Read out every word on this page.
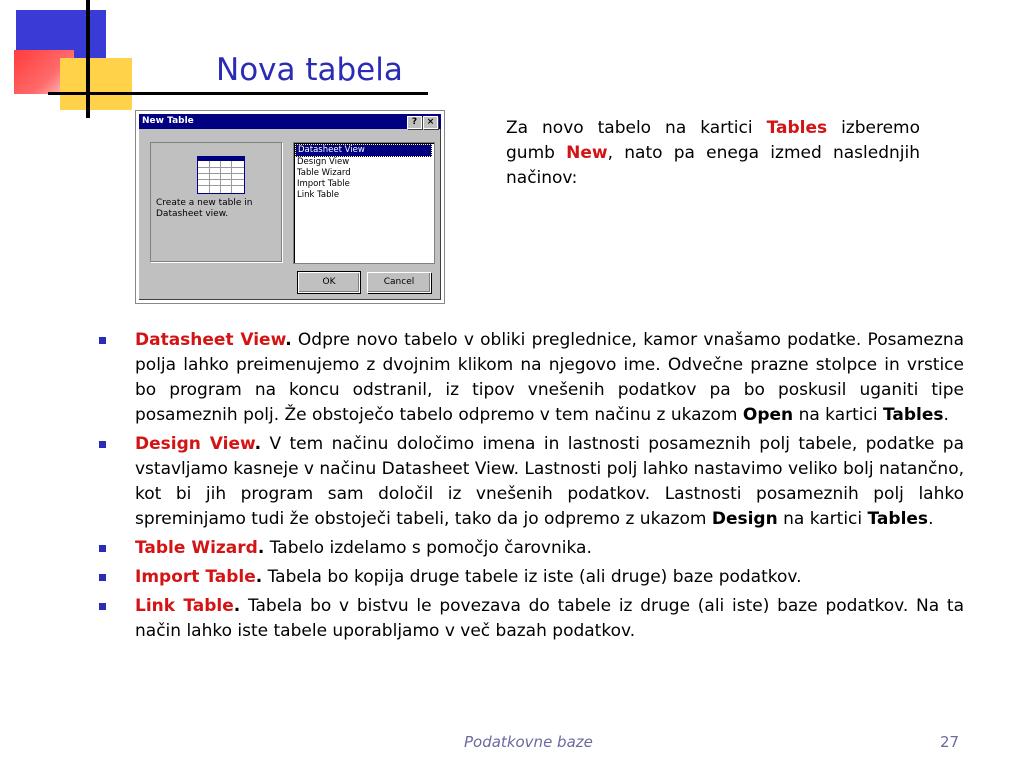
Nova tabela
New Table	?	×
Create a new table in Datasheet view.
Datasheet View
Design View
Table Wizard
Import Table
Link Table
OK	Cancel

Za novo tabelo na kartici Tables izberemo gumb New, nato pa enega izmed naslednjih načinov:

Datasheet View. Odpre novo tabelo v obliki preglednice, kamor vnašamo podatke. Posamezna polja lahko preimenujemo z dvojnim klikom na njegovo ime. Odvečne prazne stolpce in vrstice bo program na koncu odstranil, iz tipov vnešenih podatkov pa bo poskusil uganiti tipe posameznih polj. Že obstoječo tabelo odpremo v tem načinu z ukazom Open na kartici Tables.
Design View. V tem načinu določimo imena in lastnosti posameznih polj tabele, podatke pa vstavljamo kasneje v načinu Datasheet View. Lastnosti polj lahko nastavimo veliko bolj natančno, kot bi jih program sam določil iz vnešenih podatkov. Lastnosti posameznih polj lahko spreminjamo tudi že obstoječi tabeli, tako da jo odpremo z ukazom Design na kartici Tables.
Table Wizard. Tabelo izdelamo s pomočjo čarovnika.
Import Table. Tabela bo kopija druge tabele iz iste (ali druge) baze podatkov.
Link Table. Tabela bo v bistvu le povezava do tabele iz druge (ali iste) baze podatkov. Na ta način lahko iste tabele uporabljamo v več bazah podatkov.
Podatkovne baze	27
